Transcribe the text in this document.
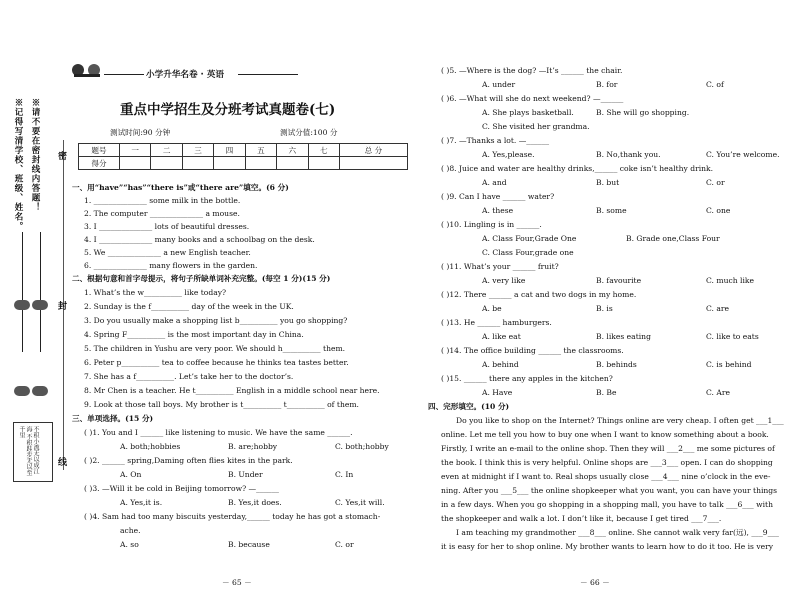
※请不要在密封线内答题！
※记得写清学校、班级、姓名。
不积小流无以成江海 不积跬步无以至千里
密
封
线
小学升华名卷 · 英语
重点中学招生及分班考试真题卷(七)
测试时间:90 分钟	测试分值:100 分
题号	一	二	三	四	五	六	七	总 分
得分								
一、用“have”“has”“there is”或“there are”填空。(6 分)
1. ______________ some milk in the bottle.
2. The computer ______________ a mouse.
3. I ______________ lots of beautiful dresses.
4. I ______________ many books and a schoolbag on the desk.
5. We ______________ a new English teacher.
6. ______________ many flowers in the garden.
二、根据句意和首字母提示，将句子所缺单词补充完整。(每空 1 分)(15 分)
1. What’s the w__________ like today?
2. Sunday is the f__________ day of the week in the UK.
3. Do you usually make a shopping list b__________ you go shopping?
4. Spring F__________ is the most important day in China.
5. The children in Yushu are very poor. We should h__________ them.
6. Peter p__________ tea to coffee because he thinks tea tastes better.
7. She has a f__________. Let’s take her to the doctor’s.
8. Mr Chen is a teacher. He t__________ English in a middle school near here.
9. Look at those tall boys. My brother is t__________ t__________ of them.
三、单项选择。(15 分)
( )1. You and I ______ like listening to music. We have the same ______.
A. both;hobbies	B. are;hobby	C. both;hobby
( )2. ______ spring,Daming often flies kites in the park.
A. On	B. Under	C. In
( )3. —Will it be cold in Beijing tomorrow? —______
A. Yes,it is.	B. Yes,it does.	C. Yes,it will.
( )4. Sam had too many biscuits yesterday,______ today he has got a stomach-
ache.
A. so	B. because	C. or
－ 65 －
( )5. —Where is the dog? —It’s ______ the chair.
A. under	B. for	C. of
( )6. —What will she do next weekend? —______
A. She plays basketball.	B. She will go shopping.
C. She visited her grandma.
( )7. —Thanks a lot. —______
A. Yes,please.	B. No,thank you.	C. You’re welcome.
( )8. Juice and water are healthy drinks,______ coke isn’t healthy drink.
A. and	B. but	C. or
( )9. Can I have ______ water?
A. these	B. some	C. one
( )10. Lingling is in ______.
A. Class Four,Grade One	B. Grade one,Class Four
C. Class Four,grade one
( )11. What’s your ______ fruit?
A. very like	B. favourite	C. much like
( )12. There ______ a cat and two dogs in my home.
A. be	B. is	C. are
( )13. He ______ hamburgers.
A. like eat	B. likes eating	C. like to eats
( )14. The office building ______ the classrooms.
A. behind	B. behinds	C. is behind
( )15. ______ there any apples in the kitchen?
A. Have	B. Be	C. Are
四、完形填空。(10 分)
Do you like to shop on the Internet? Things online are very cheap. I often get ___1___
online. Let me tell you how to buy one when I want to know something about a book.
Firstly, I write an e-mail to the online shop. Then they will ___2___ me some pictures of
the book. I think this is very helpful. Online shops are ___3___ open. I can do shopping
even at midnight if I want to. Real shops usually close ___4___ nine o’clock in the eve-
ning. After you ___5___ the online shopkeeper what you want, you can have your things
in a few days. When you go shopping in a shopping mall, you have to talk ___6___ with
the shopkeeper and walk a lot. I don’t like it, because I get tired ___7___.
I am teaching my grandmother ___8___ online. She cannot walk very far(远), ___9___
it is easy for her to shop online. My brother wants to learn how to do it too. He is very
－ 66 －
